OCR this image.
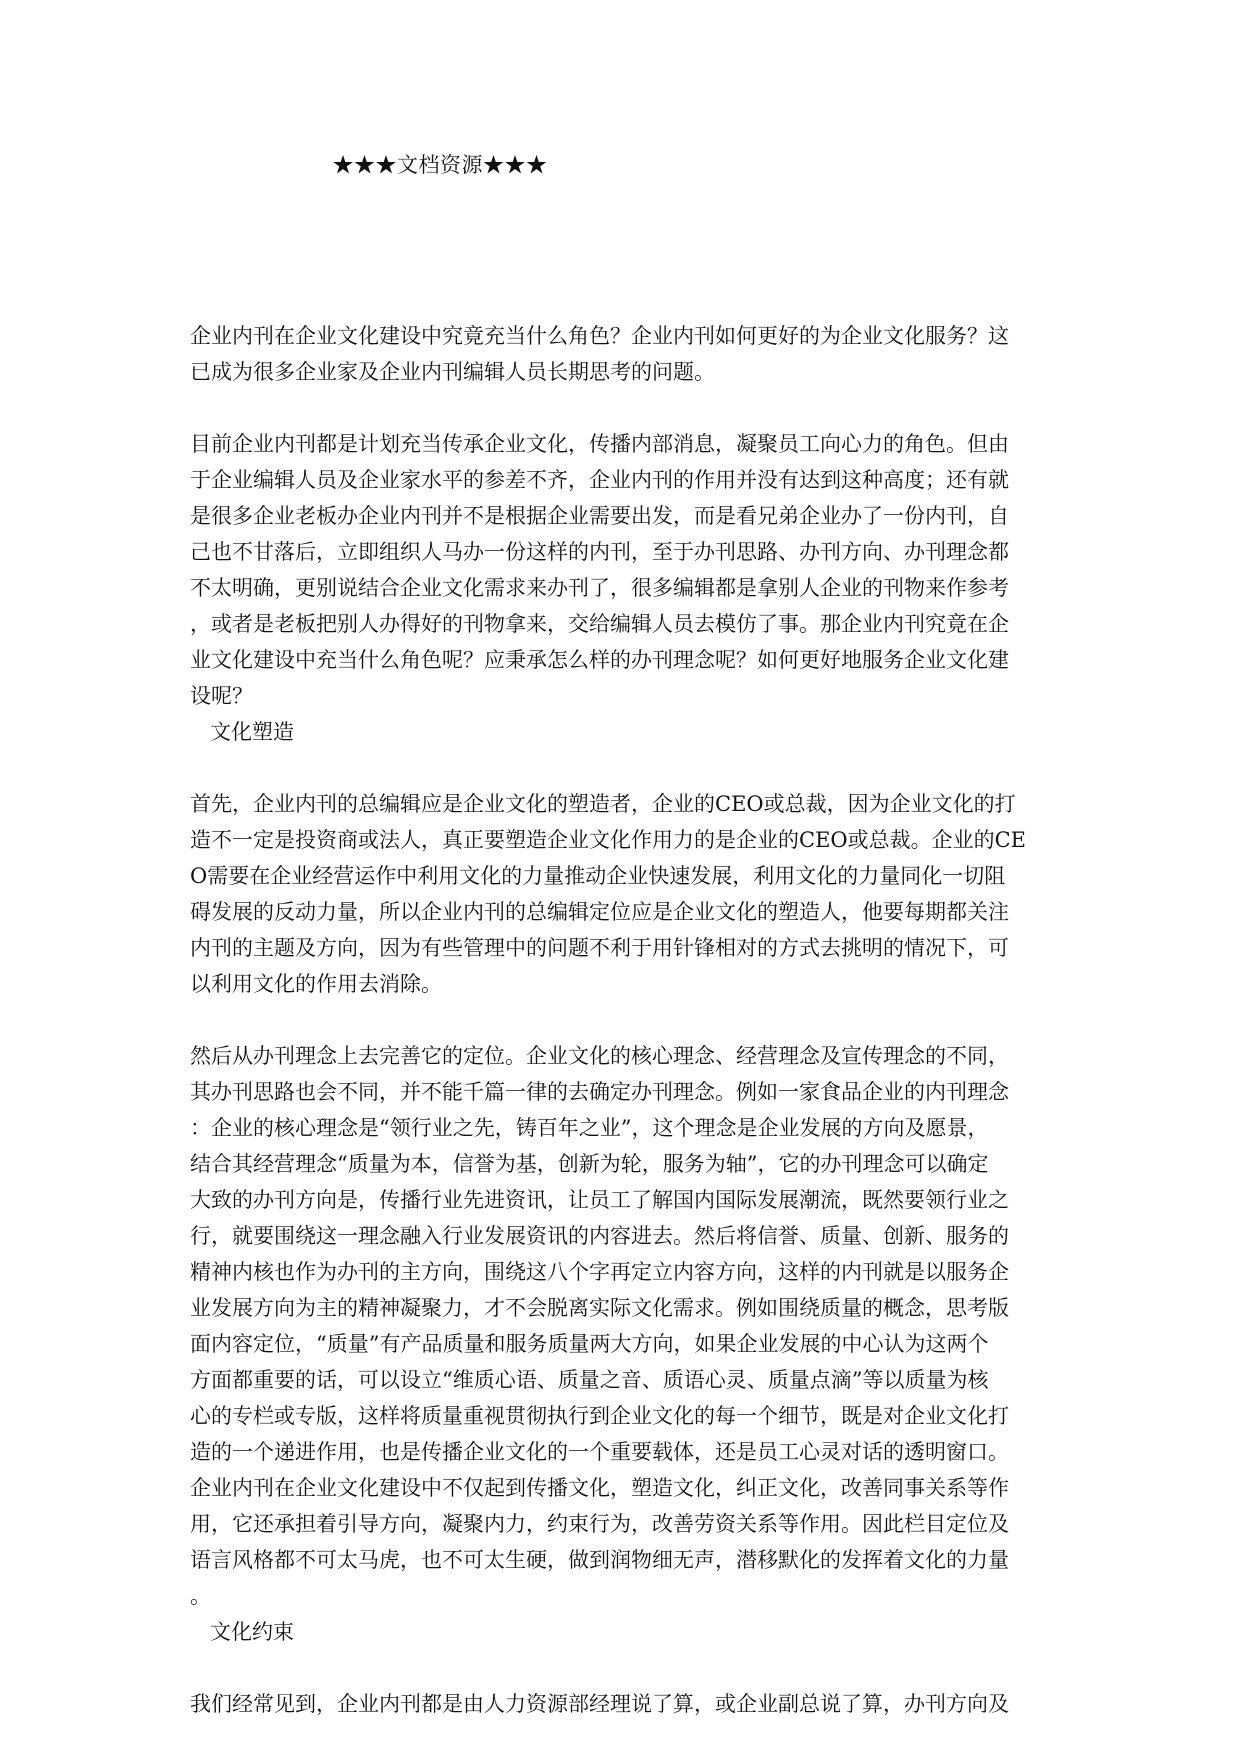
★★★文档资源★★★

企业内刊在企业文化建设中究竟充当什么角色？企业内刊如何更好的为企业文化服务？这
已成为很多企业家及企业内刊编辑人员长期思考的问题。

目前企业内刊都是计划充当传承企业文化，传播内部消息，凝聚员工向心力的角色。但由
于企业编辑人员及企业家水平的参差不齐，企业内刊的作用并没有达到这种高度；还有就
是很多企业老板办企业内刊并不是根据企业需要出发，而是看兄弟企业办了一份内刊，自
己也不甘落后，立即组织人马办一份这样的内刊，至于办刊思路、办刊方向、办刊理念都
不太明确，更别说结合企业文化需求来办刊了，很多编辑都是拿别人企业的刊物来作参考
，或者是老板把别人办得好的刊物拿来，交给编辑人员去模仿了事。那企业内刊究竟在企
业文化建设中充当什么角色呢？应秉承怎么样的办刊理念呢？如何更好地服务企业文化建
设呢？

文化塑造

首先，企业内刊的总编辑应是企业文化的塑造者，企业的CEO或总裁，因为企业文化的打
造不一定是投资商或法人，真正要塑造企业文化作用力的是企业的CEO或总裁。企业的CE
O需要在企业经营运作中利用文化的力量推动企业快速发展，利用文化的力量同化一切阻
碍发展的反动力量，所以企业内刊的总编辑定位应是企业文化的塑造人，他要每期都关注
内刊的主题及方向，因为有些管理中的问题不利于用针锋相对的方式去挑明的情况下，可
以利用文化的作用去消除。

然后从办刊理念上去完善它的定位。企业文化的核心理念、经营理念及宣传理念的不同，
其办刊思路也会不同，并不能千篇一律的去确定办刊理念。例如一家食品企业的内刊理念
：企业的核心理念是“领行业之先，铸百年之业”，这个理念是企业发展的方向及愿景，
结合其经营理念“质量为本，信誉为基，创新为轮，服务为轴”，它的办刊理念可以确定
大致的办刊方向是，传播行业先进资讯，让员工了解国内国际发展潮流，既然要领行业之
行，就要围绕这一理念融入行业发展资讯的内容进去。然后将信誉、质量、创新、服务的
精神内核也作为办刊的主方向，围绕这八个字再定立内容方向，这样的内刊就是以服务企
业发展方向为主的精神凝聚力，才不会脱离实际文化需求。例如围绕质量的概念，思考版
面内容定位，“质量”有产品质量和服务质量两大方向，如果企业发展的中心认为这两个
方面都重要的话，可以设立“维质心语、质量之音、质语心灵、质量点滴”等以质量为核
心的专栏或专版，这样将质量重视贯彻执行到企业文化的每一个细节，既是对企业文化打
造的一个递进作用，也是传播企业文化的一个重要载体，还是员工心灵对话的透明窗口。
企业内刊在企业文化建设中不仅起到传播文化，塑造文化，纠正文化，改善同事关系等作
用，它还承担着引导方向，凝聚内力，约束行为，改善劳资关系等作用。因此栏目定位及
语言风格都不可太马虎，也不可太生硬，做到润物细无声，潜移默化的发挥着文化的力量
。

文化约束

我们经常见到，企业内刊都是由人力资源部经理说了算，或企业副总说了算，办刊方向及
